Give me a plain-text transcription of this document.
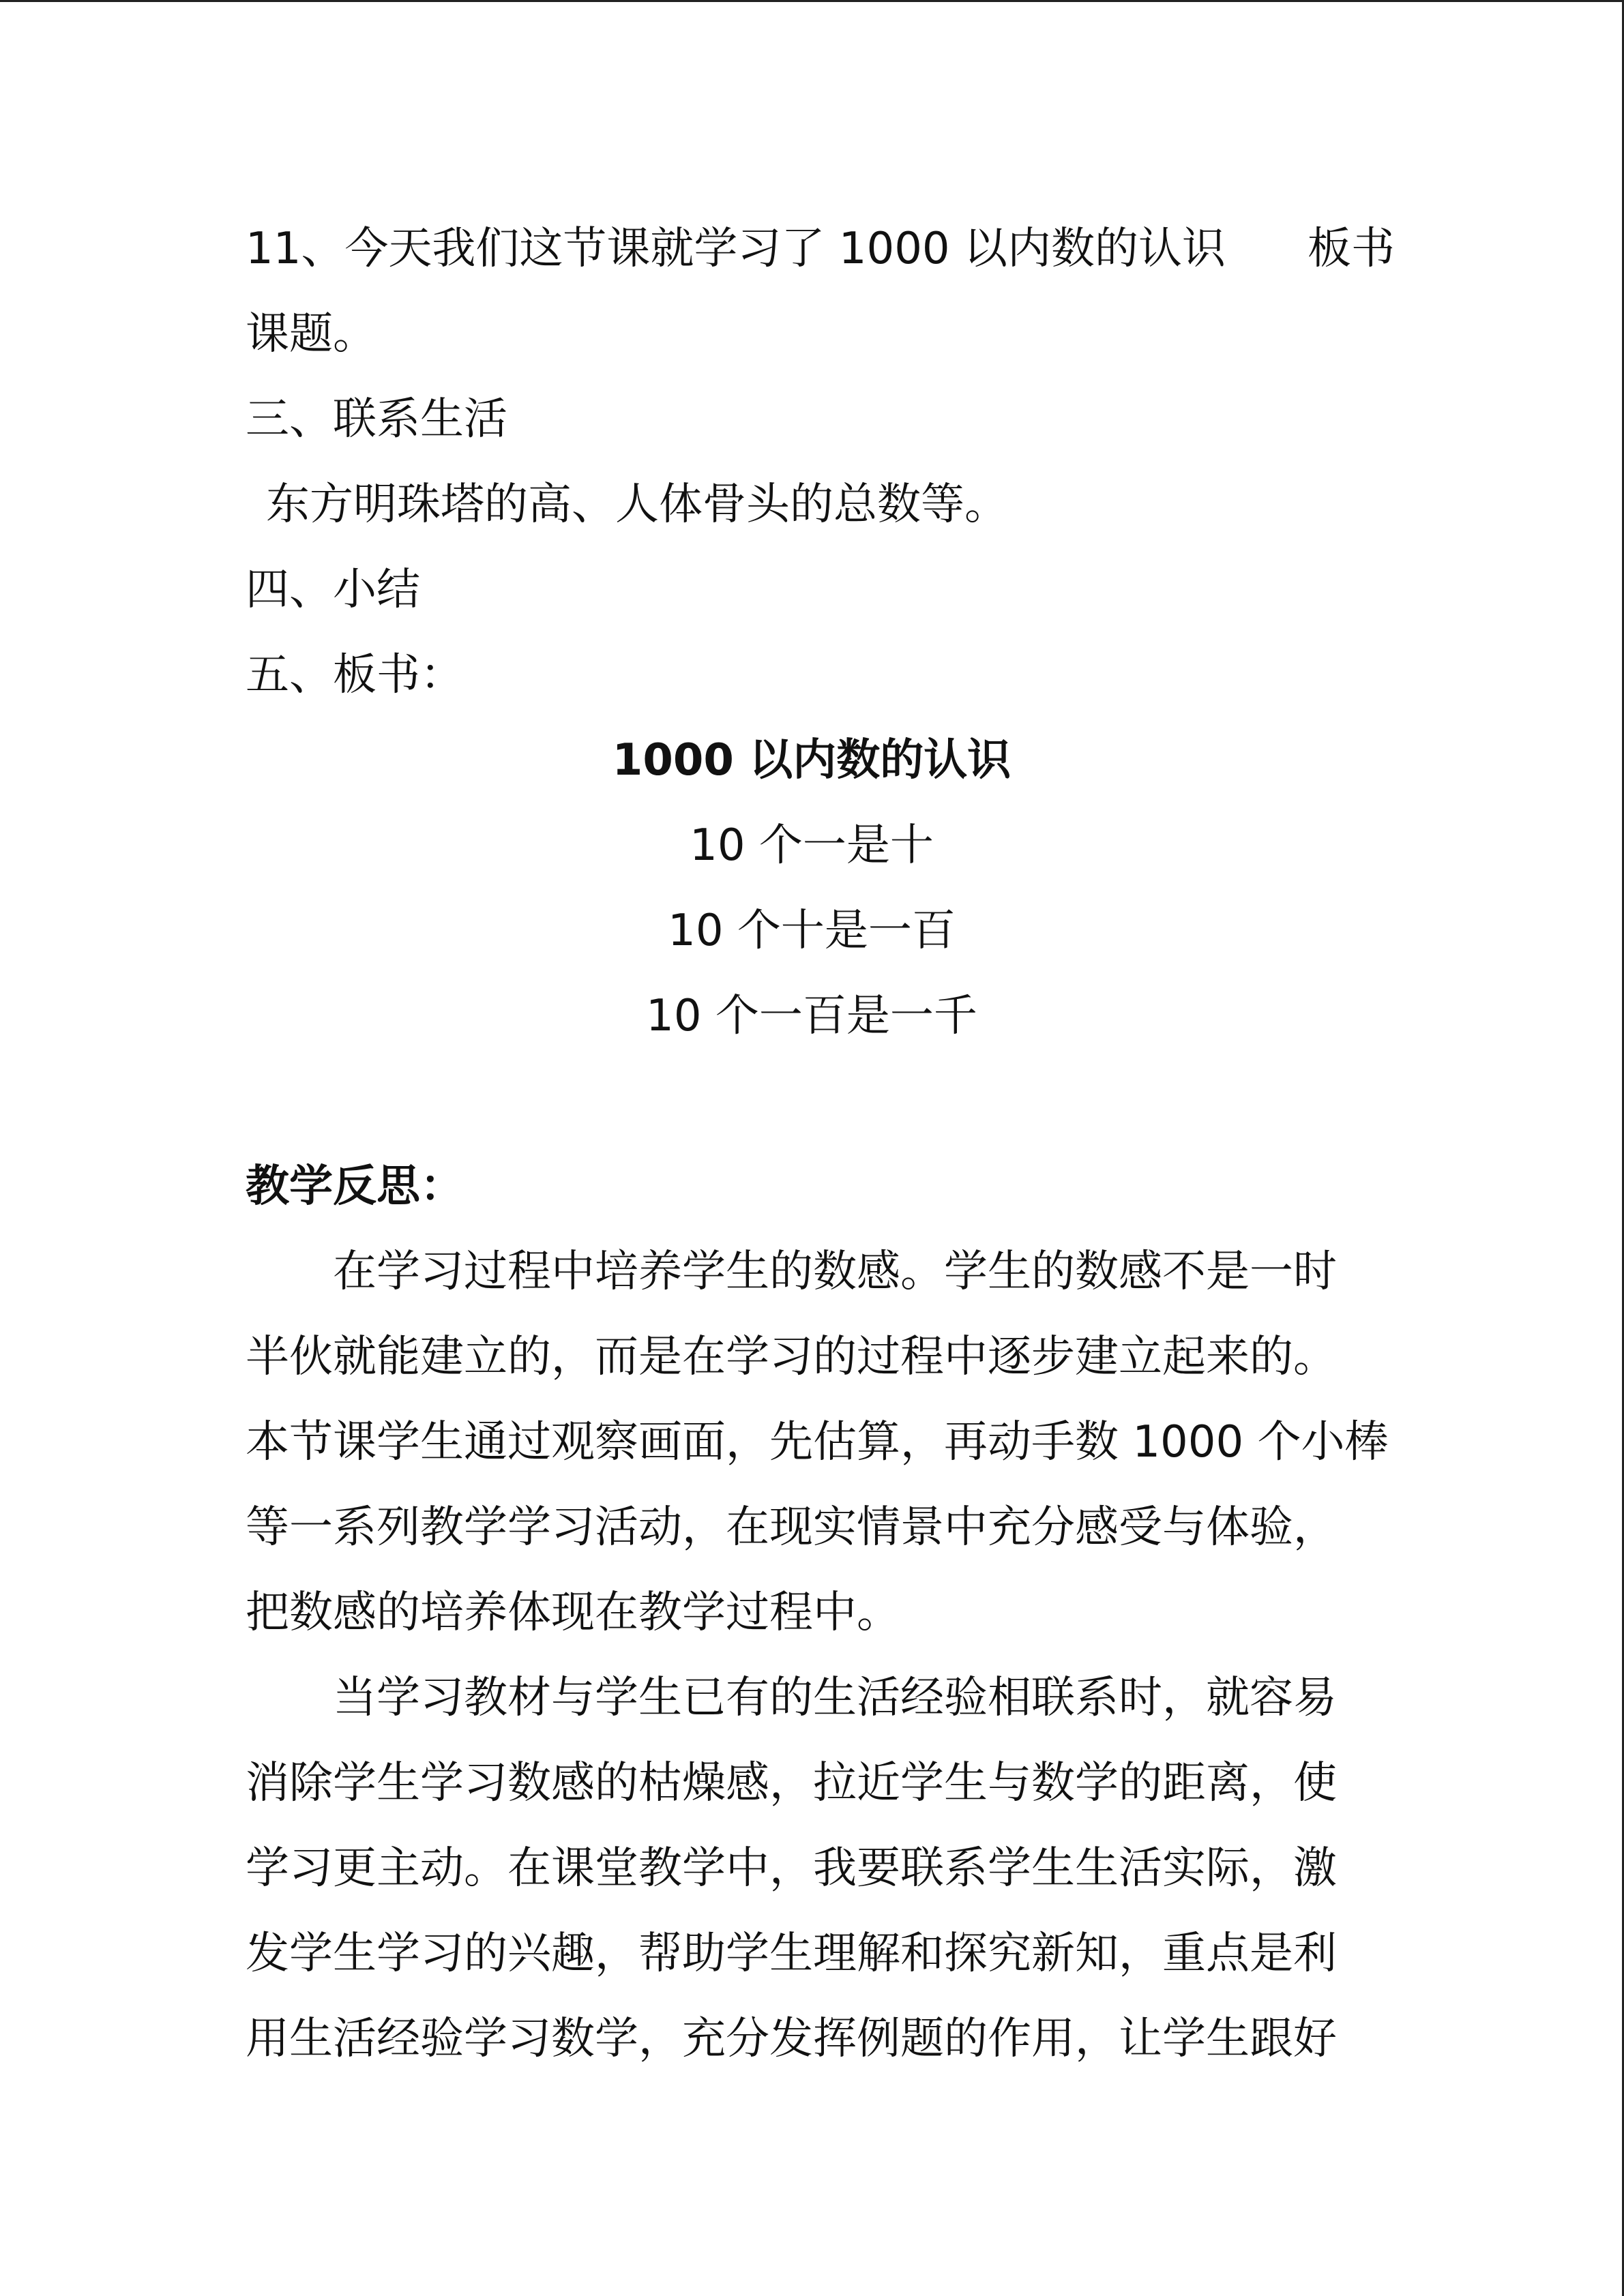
11、今天我们这节课就学习了 1000 以内数的认识 板书
课题。
三、联系生活
东方明珠塔的高、人体骨头的总数等。
四、小结
五、板书：
1000 以内数的认识
10 个一是十
10 个十是一百
10 个一百是一千
教学反思：
在学习过程中培养学生的数感。学生的数感不是一时
半伙就能建立的，而是在学习的过程中逐步建立起来的。
本节课学生通过观察画面，先估算，再动手数 1000 个小棒
等一系列教学学习活动，在现实情景中充分感受与体验，
把数感的培养体现在教学过程中。
当学习教材与学生已有的生活经验相联系时，就容易
消除学生学习数感的枯燥感，拉近学生与数学的距离，使
学习更主动。在课堂教学中，我要联系学生生活实际，激
发学生学习的兴趣，帮助学生理解和探究新知，重点是利
用生活经验学习数学，充分发挥例题的作用，让学生跟好
